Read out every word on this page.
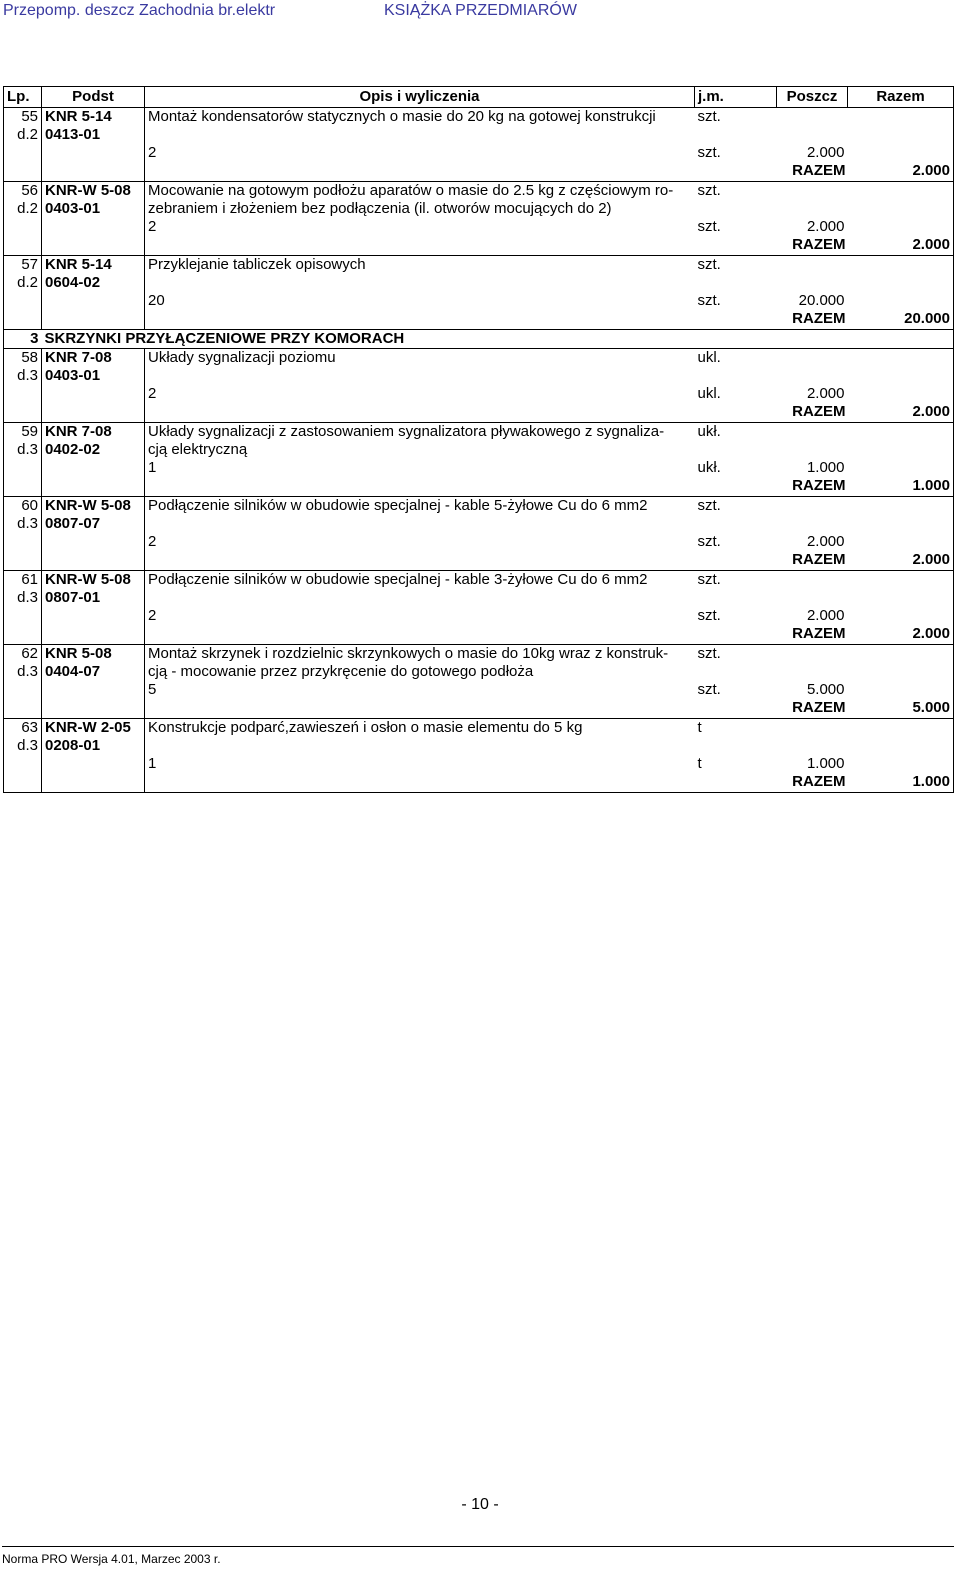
Przepomp. deszcz Zachodnia br.elektr	KSIĄŻKA PRZEDMIARÓW
Lp.	Podst	Opis i wyliczenia	j.m.	Poszcz	Razem
55	KNR 5-14	Montaż kondensatorów statycznych o masie do 20 kg na gotowej konstrukcji	szt.		
d.2	0413-01				
		2	szt.	2.000	
				RAZEM	2.000
56	KNR-W 5-08	Mocowanie na gotowym podłożu aparatów o masie do 2.5 kg z częściowym ro-	szt.		
d.2	0403-01	zebraniem i złożeniem bez podłączenia (il. otworów mocujących do 2)			
		2	szt.	2.000	
				RAZEM	2.000
57	KNR 5-14	Przyklejanie tabliczek opisowych	szt.		
d.2	0604-02				
		20	szt.	20.000	
				RAZEM	20.000
3	SKRZYNKI PRZYŁĄCZENIOWE PRZY KOMORACH				
58	KNR 7-08	Układy sygnalizacji poziomu	ukl.		
d.3	0403-01				
		2	ukl.	2.000	
				RAZEM	2.000
59	KNR 7-08	Układy sygnalizacji z zastosowaniem sygnalizatora pływakowego z sygnaliza-	ukł.		
d.3	0402-02	cją elektryczną			
		1	ukł.	1.000	
				RAZEM	1.000
60	KNR-W 5-08	Podłączenie silników w obudowie specjalnej - kable 5-żyłowe Cu do 6 mm2	szt.		
d.3	0807-07				
		2	szt.	2.000	
				RAZEM	2.000
61	KNR-W 5-08	Podłączenie silników w obudowie specjalnej - kable 3-żyłowe Cu do 6 mm2	szt.		
d.3	0807-01				
		2	szt.	2.000	
				RAZEM	2.000
62	KNR 5-08	Montaż skrzynek i rozdzielnic skrzynkowych o masie do 10kg wraz z konstruk-	szt.		
d.3	0404-07	cją - mocowanie przez przykręcenie do gotowego podłoża			
		5	szt.	5.000	
				RAZEM	5.000
63	KNR-W 2-05	Konstrukcje podparć,zawieszeń i osłon o masie elementu do 5 kg	t		
d.3	0208-01				
		1	t	1.000	
				RAZEM	1.000
- 10 -
Norma PRO Wersja 4.01, Marzec 2003 r.
